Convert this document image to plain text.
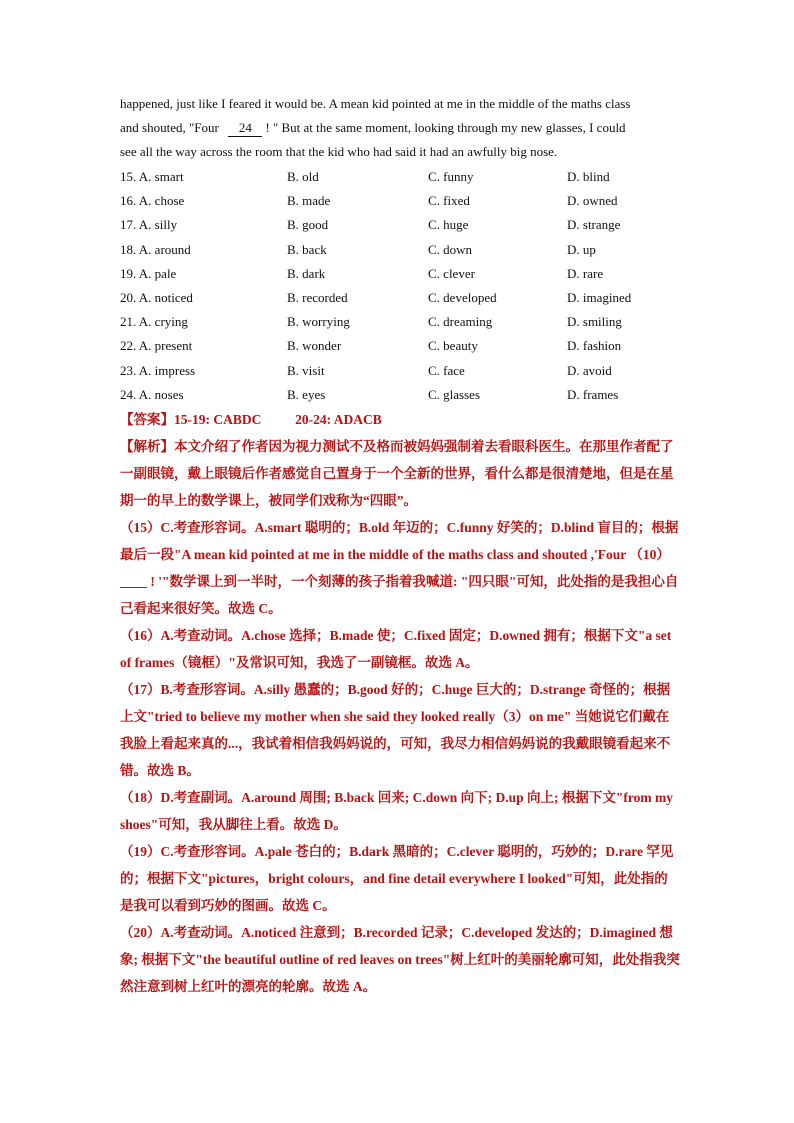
happened, just like I feared it would be. A mean kid pointed at me in the middle of the maths class

and shouted, "Four 24 ! " But at the same moment, looking through my new glasses, I could

see all the way across the room that the kid who had said it had an awfully big nose.

15. A. smart	B. old	C. funny	D. blind
16. A. chose	B. made	C. fixed	D. owned
17. A. silly	B. good	C. huge	D. strange
18. A. around	B. back	C. down	D. up
19. A. pale	B. dark	C. clever	D. rare
20. A. noticed	B. recorded	C. developed	D. imagined
21. A. crying	B. worrying	C. dreaming	D. smiling
22. A. present	B. wonder	C. beauty	D. fashion
23. A. impress	B. visit	C. face	D. avoid
24. A. noses	B. eyes	C. glasses	D. frames

【答案】15-19: CABDC          20-24: ADACB

【解析】本文介绍了作者因为视力测试不及格而被妈妈强制着去看眼科医生。在那里作者配了一副眼镜，戴上眼镜后作者感觉自己置身于一个全新的世界，看什么都是很清楚地，但是在星期一的早上的数学课上，被同学们戏称为“四眼”。

（15）C.考查形容词。A.smart 聪明的；B.old 年迈的；C.funny 好笑的；D.blind 盲目的；根据最后一段"A mean kid pointed at me in the middle of the maths class and shouted ,'Four （10）____ ! '"数学课上到一半时，一个刻薄的孩子指着我喊道: "四只眼"可知，此处指的是我担心自己看起来很好笑。故选 C。

（16）A.考查动词。A.chose 选择；B.made 使；C.fixed 固定；D.owned 拥有；根据下文"a set of frames（镜框）"及常识可知，我选了一副镜框。故选 A。

（17）B.考查形容词。A.silly 愚蠢的；B.good 好的；C.huge 巨大的；D.strange 奇怪的；根据上文"tried to believe my mother when she said they looked really（3）on me" 当她说它们戴在我脸上看起来真的...，我试着相信我妈妈说的，可知，我尽力相信妈妈说的我戴眼镜看起来不错。故选 B。

（18）D.考查副词。A.around 周围; B.back 回来; C.down 向下; D.up 向上; 根据下文"from my shoes"可知，我从脚往上看。故选 D。

（19）C.考查形容词。A.pale 苍白的；B.dark 黑暗的；C.clever 聪明的，巧妙的；D.rare 罕见的；根据下文"pictures，bright colours，and fine detail everywhere I looked"可知，此处指的是我可以看到巧妙的图画。故选 C。

（20）A.考查动词。A.noticed 注意到；B.recorded 记录；C.developed 发达的；D.imagined 想象; 根据下文"the beautiful outline of red leaves on trees"树上红叶的美丽轮廓可知，此处指我突然注意到树上红叶的漂亮的轮廓。故选 A。
